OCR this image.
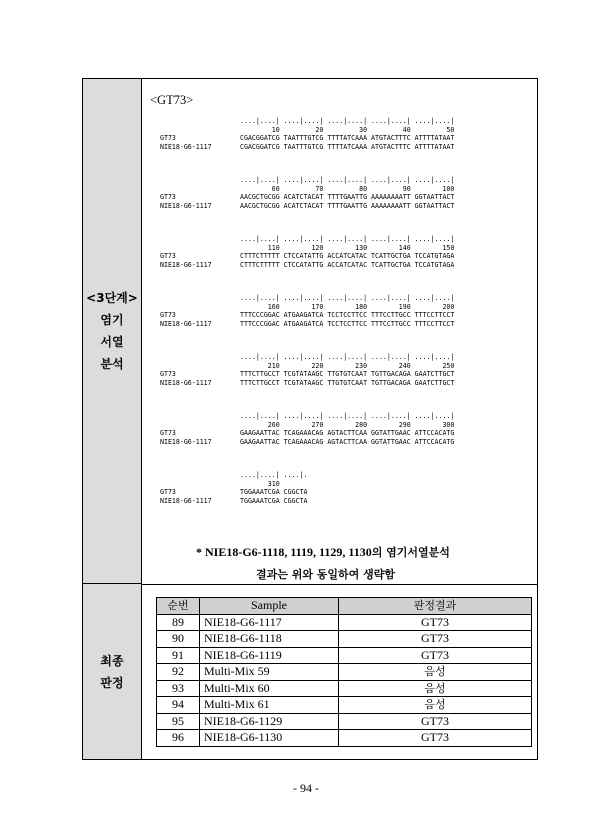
<3단계>
염기
서열
분석
최종
판정
<GT73>
....|....| ....|....| ....|....| ....|....| ....|....|
10         20         30         40         50
GT73	CGACGGATCG TAATTTGTCG TTTTATCAAA ATGTACTTTC ATTTTATAAT
NIE18-G6-1117	CGACGGATCG TAATTTGTCG TTTTATCAAA ATGTACTTTC ATTTTATAAT
....|....| ....|....| ....|....| ....|....| ....|....|
60         70         80         90        100
GT73	AACGCTGCGG ACATCTACAT TTTTGAATTG AAAAAAAATT GGTAATTACT
NIE18-G6-1117	AACGCTGCGG ACATCTACAT TTTTGAATTG AAAAAAAATT GGTAATTACT
....|....| ....|....| ....|....| ....|....| ....|....|
110        120        130        140        150
GT73	CTTTCTTTTT CTCCATATTG ACCATCATAC TCATTGCTGA TCCATGTAGA
NIE18-G6-1117	CTTTCTTTTT CTCCATATTG ACCATCATAC TCATTGCTGA TCCATGTAGA
....|....| ....|....| ....|....| ....|....| ....|....|
160        170        180        190        200
GT73	TTTCCCGGAC ATGAAGATCA TCCTCCTTCC TTTCCTTGCC TTTCCTTCCT
NIE18-G6-1117	TTTCCCGGAC ATGAAGATCA TCCTCCTTCC TTTCCTTGCC TTTCCTTCCT
....|....| ....|....| ....|....| ....|....| ....|....|
210        220        230        240        250
GT73	TTTCTTGCCT TCGTATAAGC TTGTGTCAAT TGTTGACAGA GAATCTTGCT
NIE18-G6-1117	TTTCTTGCCT TCGTATAAGC TTGTGTCAAT TGTTGACAGA GAATCTTGCT
....|....| ....|....| ....|....| ....|....| ....|....|
260        270        280        290        300
GT73	GAAGAATTAC TCAGAAACAG AGTACTTCAA GGTATTGAAC ATTCCACATG
NIE18-G6-1117	GAAGAATTAC TCAGAAACAG AGTACTTCAA GGTATTGAAC ATTCCACATG
....|....| ....|.
310
GT73	TGGAAATCGA CGGCTA
NIE18-G6-1117	TGGAAATCGA CGGCTA
* NIE18-G6-1118, 1119, 1129, 1130의 염기서열분석
결과는 위와 동일하여 생략함
순번	Sample	판정결과
89	NIE18-G6-1117	GT73
90	NIE18-G6-1118	GT73
91	NIE18-G6-1119	GT73
92	Multi-Mix 59	음성
93	Multi-Mix 60	음성
94	Multi-Mix 61	음성
95	NIE18-G6-1129	GT73
96	NIE18-G6-1130	GT73
- 94 -
